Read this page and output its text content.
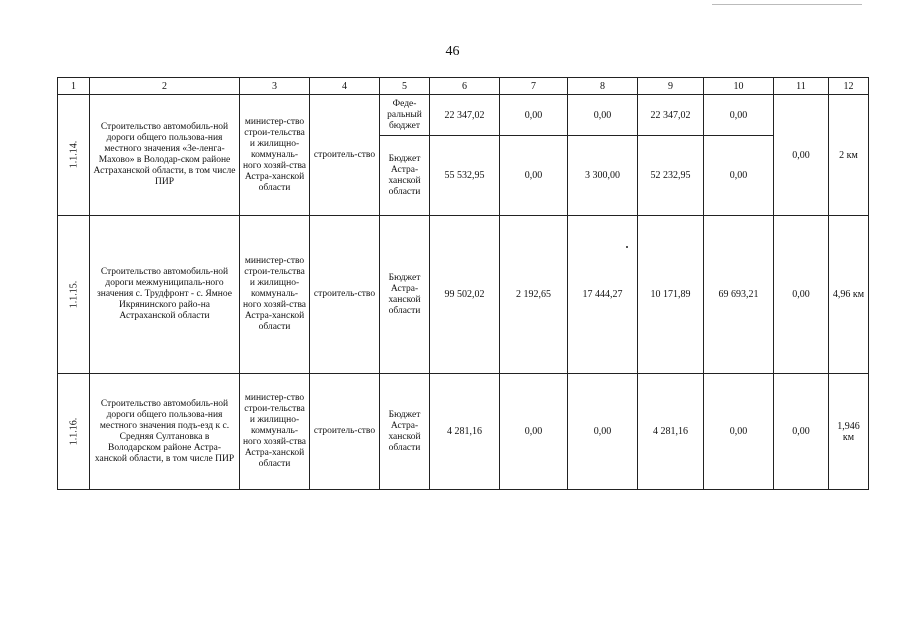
46
1	2	3	4	5	6	7	8	9	10	11	12
1.1.14.	Строительство автомобиль-ной дороги общего пользова-ния местного значения «Зе-ленга-Махово» в Володар-ском районе Астраханской области, в том числе ПИР	министер-ство строи-тельства и жилищно-коммуналь-ного хозяй-ства Астра-ханской области	строитель-ство	Феде-ральный бюджет	22 347,02	0,00	0,00	22 347,02	0,00	0,00	2 км
				Бюджет Астра-ханской области	55 532,95	0,00	3 300,00	52 232,95	0,00		
1.1.15.	Строительство автомобиль-ной дороги межмуниципаль-ного значения с. Трудфронт - с. Ямное Икрянинского райо-на Астраханской области	министер-ство строи-тельства и жилищно-коммуналь-ного хозяй-ства Астра-ханской области	строитель-ство	Бюджет Астра-ханской области	99 502,02	2 192,65	17 444,27	10 171,89	69 693,21	0,00	4,96 км
1.1.16.	Строительство автомобиль-ной дороги общего пользова-ния местного значения подъ-езд к с. Средняя Султановка в Володарском районе Астра-ханской области, в том числе ПИР	министер-ство строи-тельства и жилищно-коммуналь-ного хозяй-ства Астра-ханской области	строитель-ство	Бюджет Астра-ханской области	4 281,16	0,00	0,00	4 281,16	0,00	0,00	1,946 км
